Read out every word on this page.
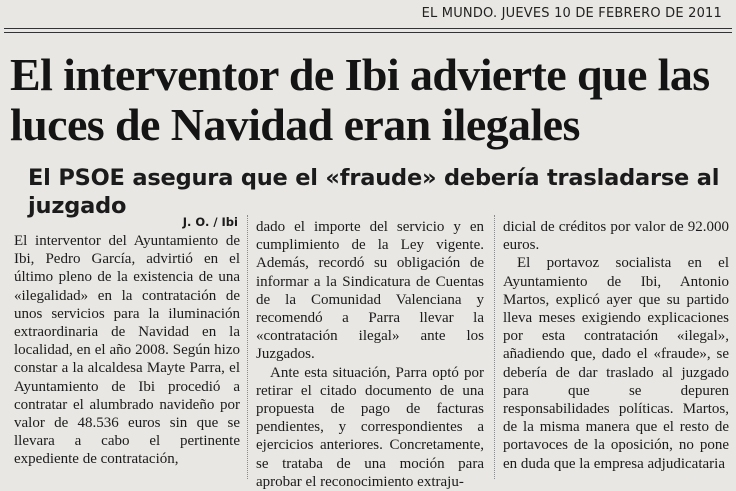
EL MUNDO. JUEVES 10 DE FEBRERO DE 2011
El interventor de Ibi advierte que las luces de Navidad eran ilegales
El PSOE asegura que el «fraude» debería trasladarse al juzgado
J. O. / Ibi

El interventor del Ayuntamiento de Ibi, Pedro García, advirtió en el último pleno de la existencia de una «ilegalidad» en la contratación de unos servicios para la iluminación extraordinaria de Navidad en la localidad, en el año 2008. Según hizo constar a la alcaldesa Mayte Parra, el Ayuntamiento de Ibi procedió a contratar el alumbrado navideño por valor de 48.536 euros sin que se llevara a cabo el pertinente expediente de contratación,

dado el importe del servicio y en cumplimiento de la Ley vigente. Además, recordó su obligación de informar a la Sindicatura de Cuentas de la Comunidad Valenciana y recomendó a Parra llevar la «contratación ilegal» ante los Juzgados.

Ante esta situación, Parra optó por retirar el citado documento de una propuesta de pago de facturas pendientes, y correspondientes a ejercicios anteriores. Concretamente, se trataba de una moción para aprobar el reconocimiento extraju-

dicial de créditos por valor de 92.000 euros.

El portavoz socialista en el Ayuntamiento de Ibi, Antonio Martos, explicó ayer que su partido lleva meses exigiendo explicaciones por esta contratación «ilegal», añadiendo que, dado el «fraude», se debería de dar traslado al juzgado para que se depuren responsabilidades políticas. Martos, de la misma manera que el resto de portavoces de la oposición, no pone en duda que la empresa adjudicataria
